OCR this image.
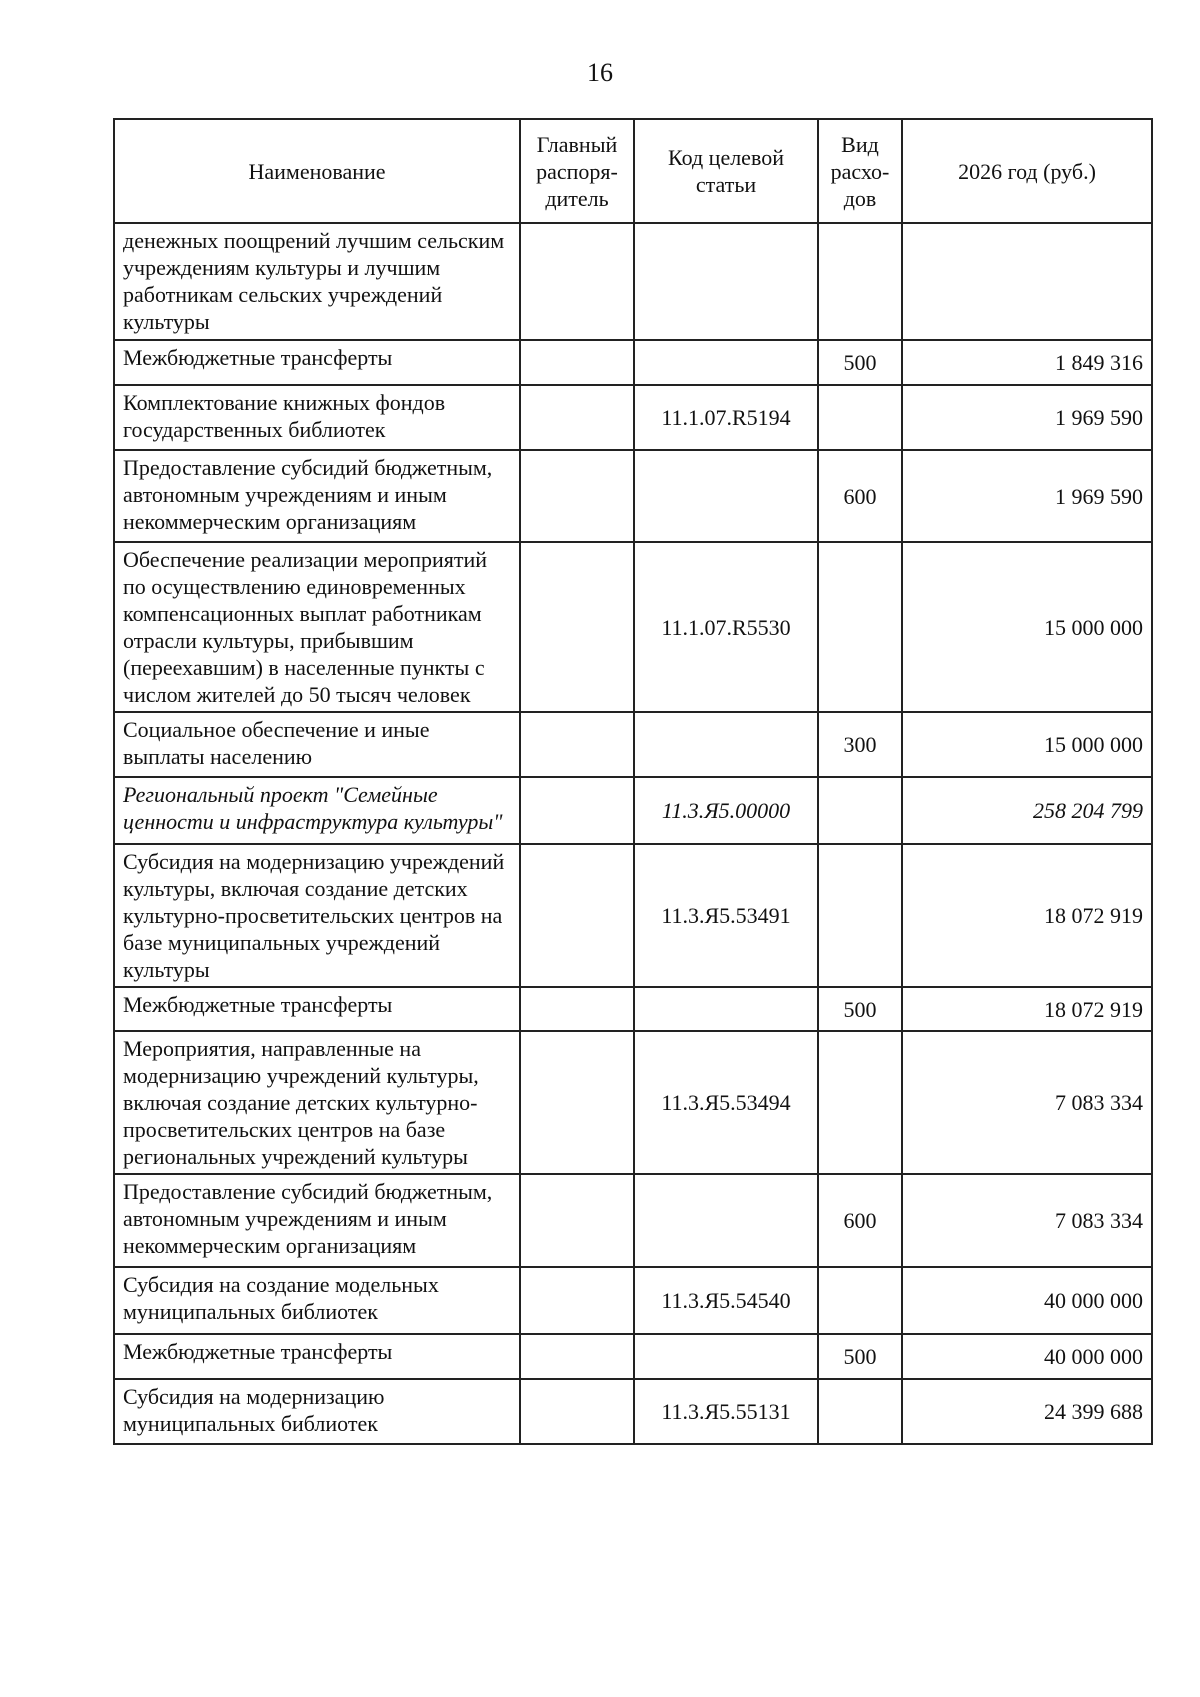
16
Наименование	Главный распоря-дитель	Код целевой статьи	Вид расхо-дов	2026 год (руб.)
денежных поощрений лучшим сельским учреждениям культуры и лучшим работникам сельских учреждений культуры				
Межбюджетные трансферты			500	1 849 316
Комплектование книжных фондов государственных библиотек		11.1.07.R5194		1 969 590
Предоставление субсидий бюджетным, автономным учреждениям и иным некоммерческим организациям			600	1 969 590
Обеспечение реализации мероприятий по осуществлению единовременных компенсационных выплат работникам отрасли культуры, прибывшим (переехавшим) в населенные пункты с числом жителей до 50 тысяч человек		11.1.07.R5530		15 000 000
Социальное обеспечение и иные выплаты населению			300	15 000 000
Региональный проект "Семейные ценности и инфраструктура культуры"		11.3.Я5.00000		258 204 799
Субсидия на модернизацию учреждений культуры, включая создание детских культурно-просветительских центров на базе муниципальных учреждений культуры		11.3.Я5.53491		18 072 919
Межбюджетные трансферты			500	18 072 919
Мероприятия, направленные на модернизацию учреждений культуры, включая создание детских культурно-просветительских центров на базе региональных учреждений культуры		11.3.Я5.53494		7 083 334
Предоставление субсидий бюджетным, автономным учреждениям и иным некоммерческим организациям			600	7 083 334
Субсидия на создание модельных муниципальных библиотек		11.3.Я5.54540		40 000 000
Межбюджетные трансферты			500	40 000 000
Субсидия на модернизацию муниципальных библиотек		11.3.Я5.55131		24 399 688
